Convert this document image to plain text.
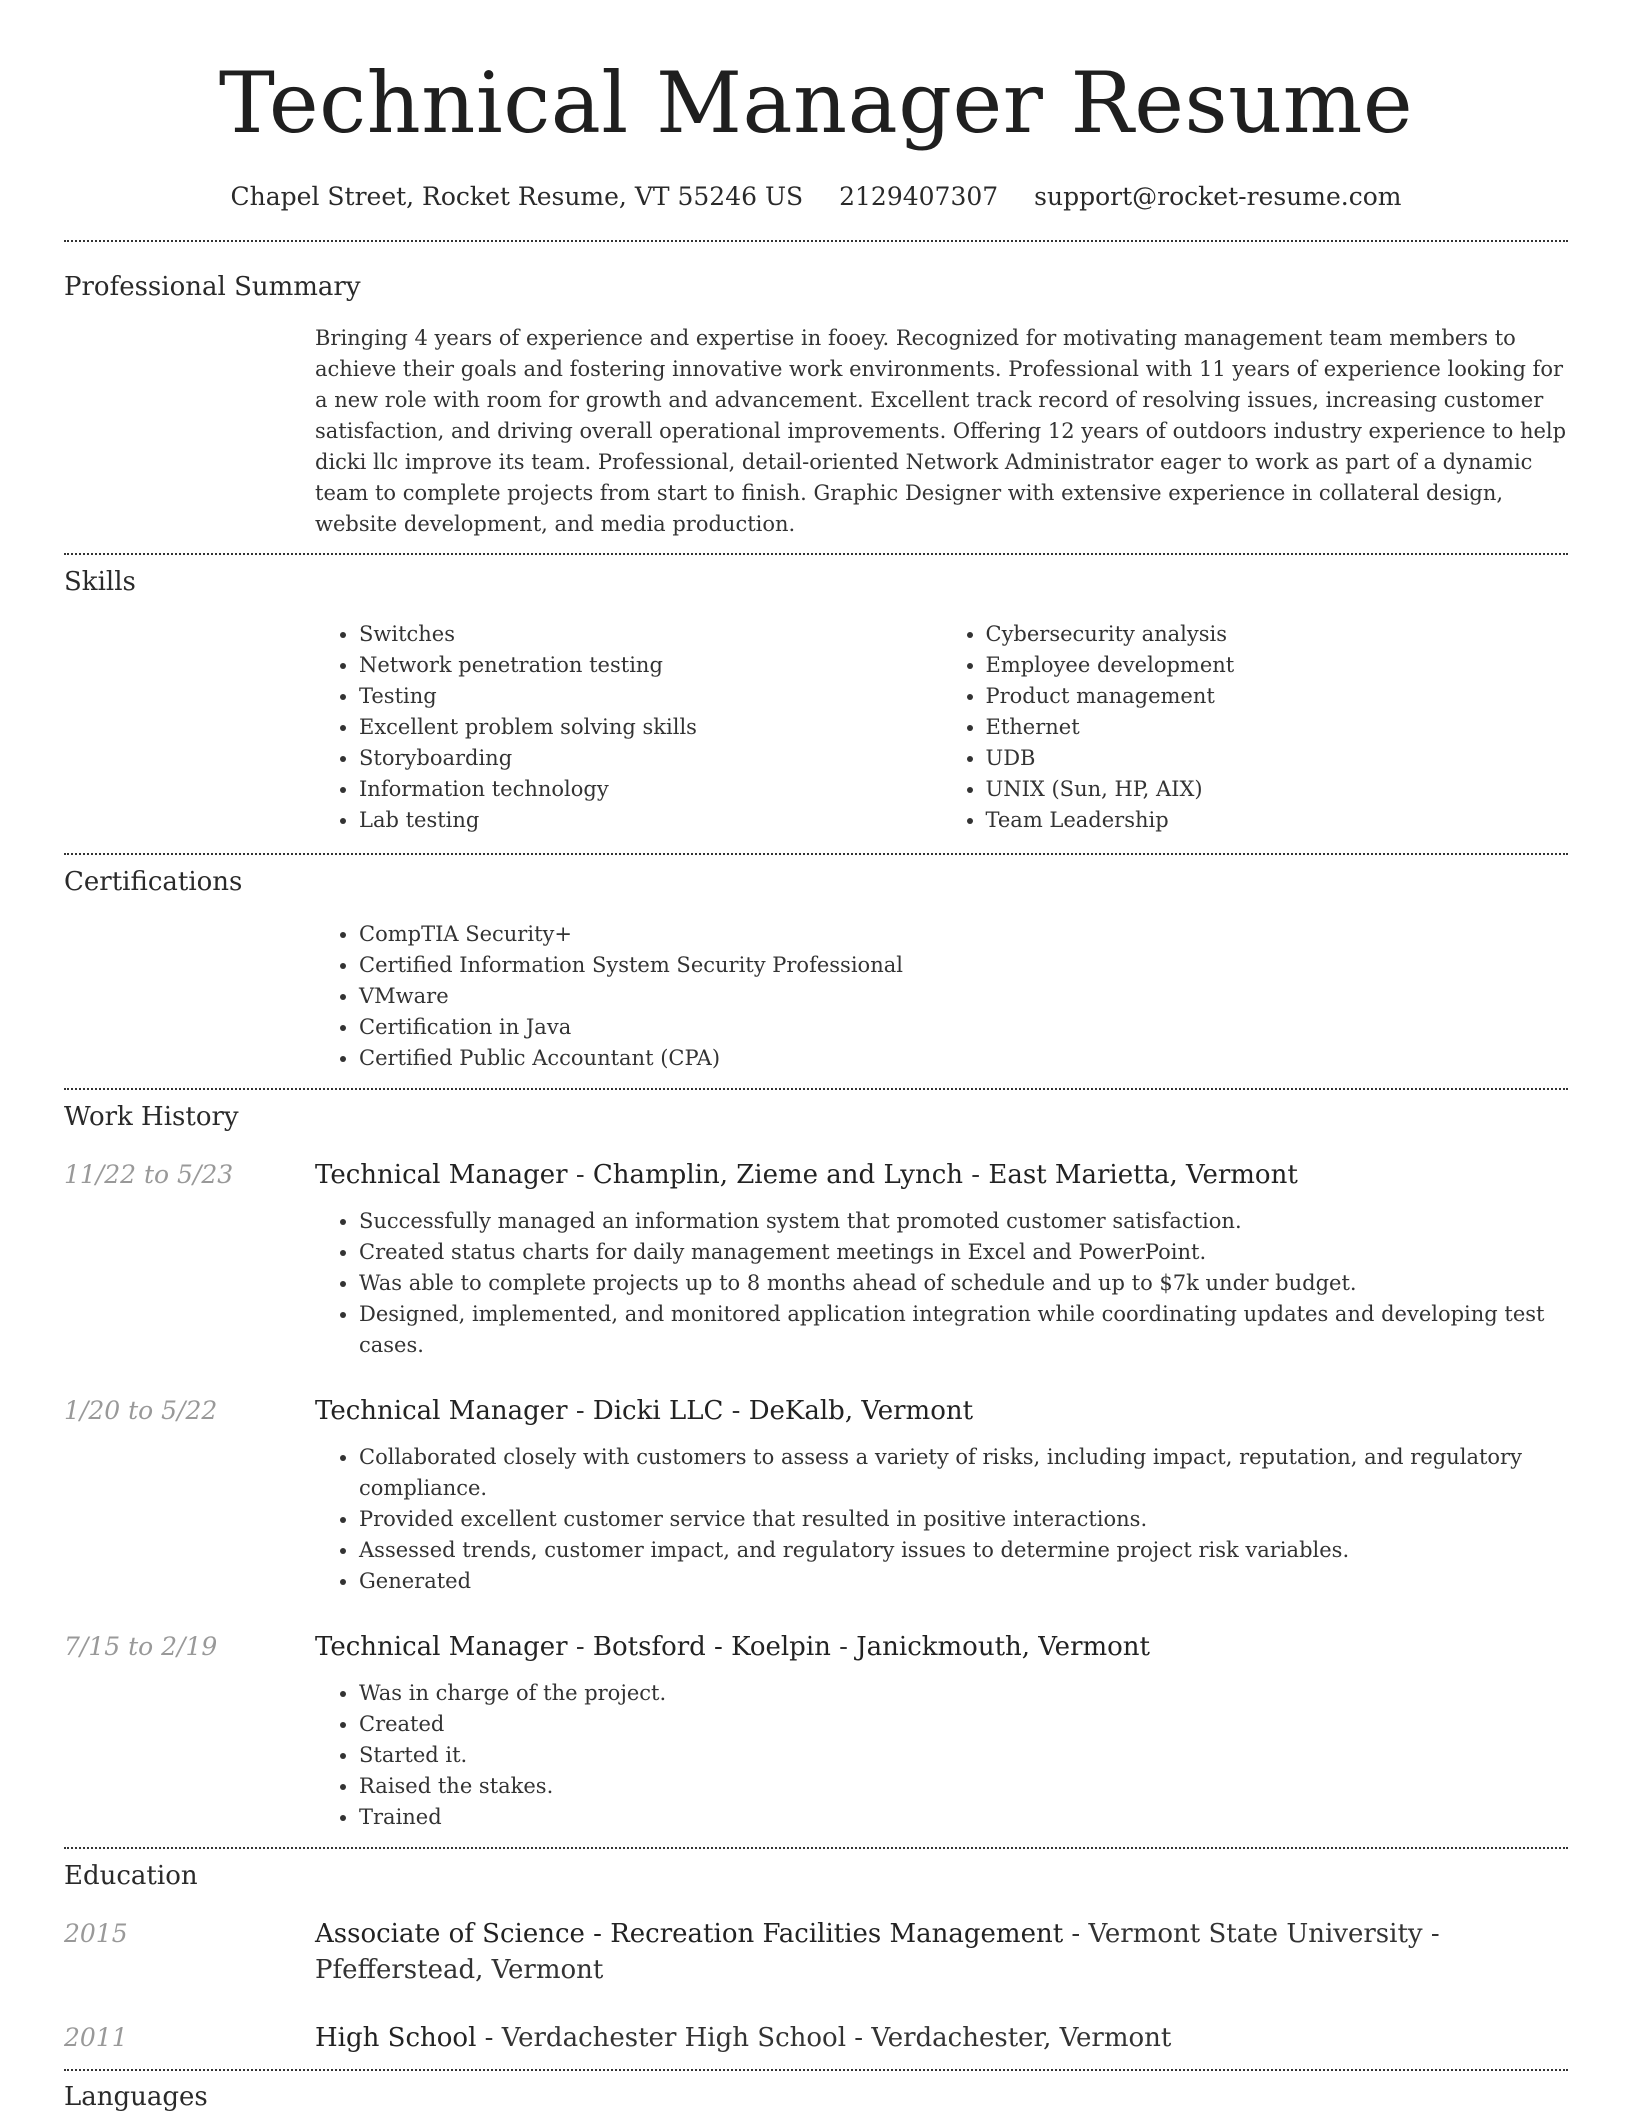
Technical Manager Resume
Chapel Street, Rocket Resume, VT 55246 US 2129407307 support@rocket-resume.com
Professional Summary

Bringing 4 years of experience and expertise in fooey. Recognized for motivating management team members to achieve their goals and fostering innovative work environments. Professional with 11 years of experience looking for a new role with room for growth and advancement. Excellent track record of resolving issues, increasing customer satisfaction, and driving overall operational improvements. Offering 12 years of outdoors industry experience to help dicki llc improve its team. Professional, detail-oriented Network Administrator eager to work as part of a dynamic team to complete projects from start to finish. Graphic Designer with extensive experience in collateral design, website development, and media production.

Skills
• Switches
• Network penetration testing
• Testing
• Excellent problem solving skills
• Storyboarding
• Information technology
• Lab testing
• Cybersecurity analysis
• Employee development
• Product management
• Ethernet
• UDB
• UNIX (Sun, HP, AIX)
• Team Leadership
Certifications
• CompTIA Security+
• Certified Information System Security Professional
• VMware
• Certification in Java
• Certified Public Accountant (CPA)
Work History
11/22 to 5/23	Technical Manager - Champlin, Zieme and Lynch - East Marietta, Vermont

• Successfully managed an information system that promoted customer satisfaction.
• Created status charts for daily management meetings in Excel and PowerPoint.
• Was able to complete projects up to 8 months ahead of schedule and up to $7k under budget.
• Designed, implemented, and monitored application integration while coordinating updates and developing test cases.
1/20 to 5/22	Technical Manager - Dicki LLC - DeKalb, Vermont

• Collaborated closely with customers to assess a variety of risks, including impact, reputation, and regulatory compliance.
• Provided excellent customer service that resulted in positive interactions.
• Assessed trends, customer impact, and regulatory issues to determine project risk variables.
• Generated
7/15 to 2/19	Technical Manager - Botsford - Koelpin - Janickmouth, Vermont

• Was in charge of the project.
• Created
• Started it.
• Raised the stakes.
• Trained
Education
2015	Associate of Science - Recreation Facilities Management - Vermont State University - Pfefferstead, Vermont

2011	High School - Verdachester High School - Verdachester, Vermont

Languages
